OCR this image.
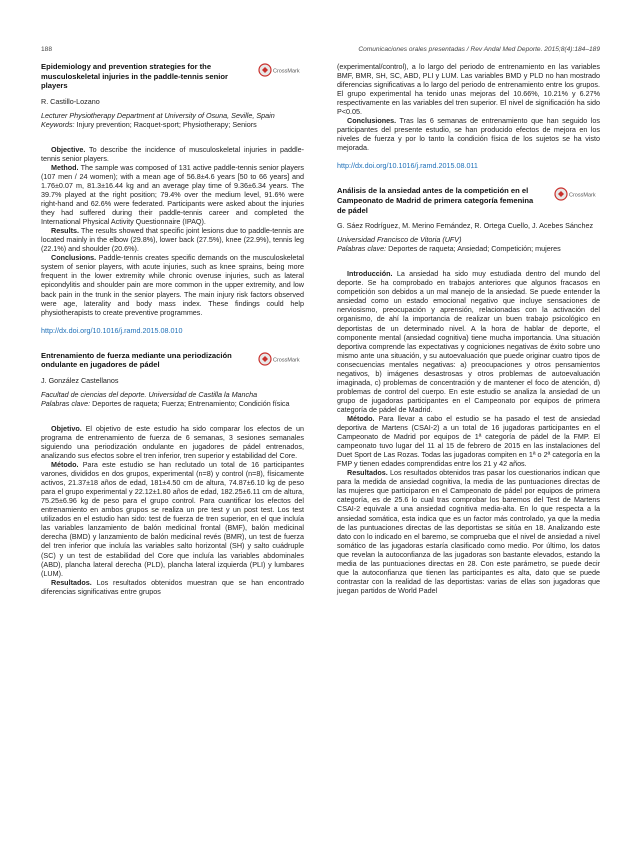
188	Comunicaciones orales presentadas / Rev Andal Med Deporte. 2015;8(4):184–189
Epidemiology and prevention strategies for the musculoskeletal injuries in the paddle-tennis senior players
CrossMark
R. Castillo-Lozano
Lecturer Physiotherapy Department at University of Osuna, Seville, Spain
Keywords: Injury prevention; Racquet-sport; Physiotherapy; Seniors

Objective. To describe the incidence of musculoskeletal injuries in paddle-tennis senior players.

Method. The sample was composed of 131 active paddle-tennis senior players (107 men / 24 women); with a mean age of 56.8±4.6 years [50 to 66 years] and 1.76±0.07 m, 81.3±16.44 kg and an average play time of 9.36±6.34 years. The 39.7% played at the right position; 79.4% over the medium level, 91.6% were right-hand and 62.6% were federated. Participants were asked about the injuries they had suffered during their paddle-tennis career and completed the International Physical Activity Questionnaire (IPAQ).

Results. The results showed that specific joint lesions due to paddle-tennis are located mainly in the elbow (29.8%), lower back (27.5%), knee (22.9%), tennis leg (22.1%) and shoulder (20.6%).

Conclusions. Paddle-tennis creates specific demands on the musculoskeletal system of senior players, with acute injuries, such as knee sprains, being more frequent in the lower extremity while chronic overuse injuries, such as lateral epicondylitis and shoulder pain are more common in the upper extremity, and low back pain in the trunk in the senior players. The main injury risk factors observed were age, laterality and body mass index. These findings could help physiotherapists to create preventive programmes.

http://dx.doi.org/10.1016/j.ramd.2015.08.010
Entrenamiento de fuerza mediante una periodización ondulante en jugadores de pádel
CrossMark
J. González Castellanos
Facultad de ciencias del deporte. Universidad de Castilla la Mancha
Palabras clave: Deportes de raqueta; Fuerza; Entrenamiento; Condición física

Objetivo. El objetivo de este estudio ha sido comparar los efectos de un programa de entrenamiento de fuerza de 6 semanas, 3 sesiones semanales siguiendo una periodización ondulante en jugadores de pádel entrenados, analizando sus efectos sobre el tren inferior, tren superior y estabilidad del Core.

Método. Para este estudio se han reclutado un total de 16 participantes varones, divididos en dos grupos, experimental (n=8) y control (n=8), físicamente activos, 21.37±18 años de edad, 181±4.50 cm de altura, 74.87±6.10 kg de peso para el grupo experimental y 22.12±1.80 años de edad, 182.25±6.11 cm de altura, 75.25±6.96 kg de peso para el grupo control. Para cuantificar los efectos del entrenamiento en ambos grupos se realiza un pre test y un post test. Los test utilizados en el estudio han sido: test de fuerza de tren superior, en el que incluía las variables lanzamiento de balón medicinal frontal (BMF), balón medicinal derecha (BMD) y lanzamiento de balón medicinal revés (BMR), un test de fuerza del tren inferior que incluía las variables salto horizontal (SH) y salto cuádruple (SC) y un test de estabilidad del Core que incluía las variables abdominales (ABD), plancha lateral derecha (PLD), plancha lateral izquierda (PLI) y lumbares (LUM).

Resultados. Los resultados obtenidos muestran que se han encontrado diferencias significativas entre grupos

(experimental/control), a lo largo del periodo de entrenamiento en las variables BMF, BMR, SH, SC, ABD, PLI y LUM. Las variables BMD y PLD no han mostrado diferencias significativas a lo largo del periodo de entrenamiento entre los grupos. El grupo experimental ha tenido unas mejoras del 10.66%, 10.21% y 6.27% respectivamente en las variables del tren superior. El nivel de significación ha sido P<0.05.

Conclusiones. Tras las 6 semanas de entrenamiento que han seguido los participantes del presente estudio, se han producido efectos de mejora en los niveles de fuerza y por lo tanto la condición física de los sujetos se ha visto mejorada.

http://dx.doi.org/10.1016/j.ramd.2015.08.011
Análisis de la ansiedad antes de la competición en el Campeonato de Madrid de primera categoría femenina de pádel
CrossMark
G. Sáez Rodríguez, M. Merino Fernández, R. Ortega Cuello, J. Acebes Sánchez
Universidad Francisco de Vitoria (UFV)
Palabras clave: Deportes de raqueta; Ansiedad; Competición; mujeres

Introducción. La ansiedad ha sido muy estudiada dentro del mundo del deporte. Se ha comprobado en trabajos anteriores que algunos fracasos en competición son debidos a un mal manejo de la ansiedad. Se puede entender la ansiedad como un estado emocional negativo que incluye sensaciones de nerviosismo, preocupación y aprensión, relacionadas con la activación del organismo, de ahí la importancia de realizar un buen trabajo psicológico en deportistas de un determinado nivel. A la hora de hablar de deporte, el componente mental (ansiedad cognitiva) tiene mucha importancia. Una situación deportiva comprende las expectativas y cogniciones negativas de éxito sobre uno mismo ante una situación, y su autoevaluación que puede originar cuatro tipos de consecuencias mentales negativas: a) preocupaciones y otros pensamientos negativos, b) imágenes desastrosas y otros problemas de autoevaluación imaginada, c) problemas de concentración y de mantener el foco de atención, d) problemas de control del cuerpo. En este estudio se analiza la ansiedad de un grupo de jugadoras participantes en el Campeonato por equipos de primera categoría de pádel de Madrid.

Método. Para llevar a cabo el estudio se ha pasado el test de ansiedad deportiva de Martens (CSAI-2) a un total de 16 jugadoras participantes en el Campeonato de Madrid por equipos de 1ª categoría de pádel de la FMP. El campeonato tuvo lugar del 11 al 15 de febrero de 2015 en las instalaciones del Duet Sport de Las Rozas. Todas las jugadoras compiten en 1ª o 2ª categoría en la FMP y tienen edades comprendidas entre los 21 y 42 años.

Resultados. Los resultados obtenidos tras pasar los cuestionarios indican que para la medida de ansiedad cognitiva, la media de las puntuaciones directas de las mujeres que participaron en el Campeonato de pádel por equipos de primera categoría, es de 25.6 lo cual tras comprobar los baremos del Test de Martens CSAI-2 equivale a una ansiedad cognitiva media-alta. En lo que respecta a la ansiedad somática, esta indica que es un factor más controlado, ya que la media de las puntuaciones directas de las deportistas se sitúa en 18. Analizando este dato con lo indicado en el baremo, se comprueba que el nivel de ansiedad a nivel somático de las jugadoras estaría clasificado como medio. Por último, los datos que revelan la autoconfianza de las jugadoras son bastante elevados, estando la media de las puntuaciones directas en 28. Con este parámetro, se puede decir que la autoconfianza que tienen las participantes es alta, dato que se puede contrastar con la realidad de las deportistas: varias de ellas son jugadoras que juegan partidos de World Padel
